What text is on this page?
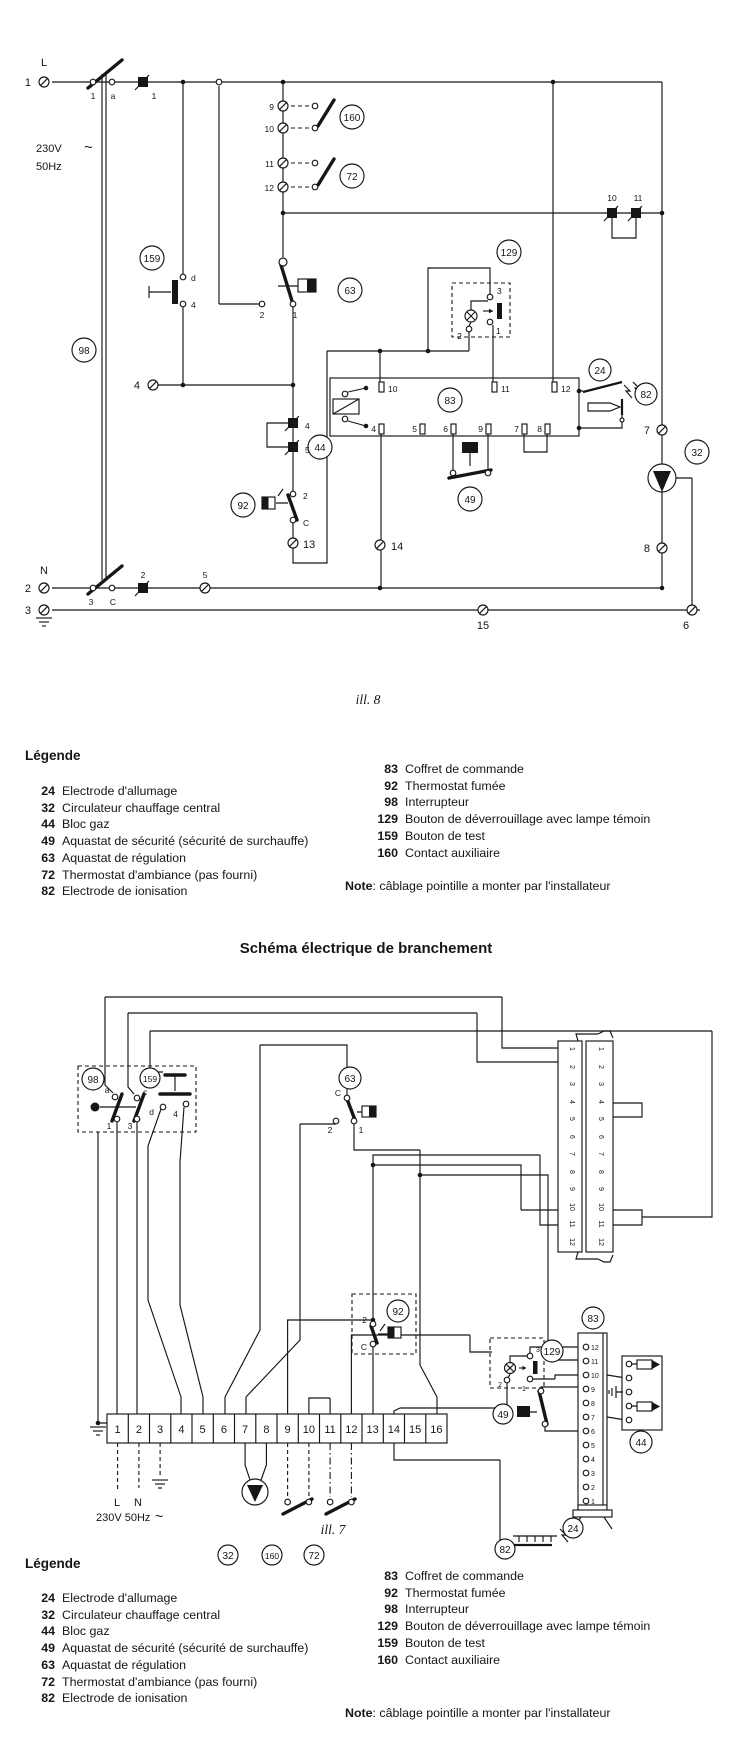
L
1
1 a	1
230V ~
50Hz
9
10
11
12
160
72
10 11
98
159
d
4
63
2	1
129
3
2	1
4	10	11	12
4	5	6	9	7 8
83
44
4
5
92
2
C
13	14
49
24
82
7
32
8
N
2
3 C
2	5
3
15	6
98	159
a	c
1 3
d 4
63
C
2	1
92
2
C	129
3
2
1
49
83
44
32	160	72
24
82
1
2
3
4
5
6
7
8
9
10
11
12
1
2
3
4
5
6
7
8
9
10
11
12
12
11
10
9
8
7
6
5
4
3
2
1
1 2 3 4 5 6 7 8 9 10 11 12 13 14 15 16
L N
230V 50Hz ~
ill. 8
Légende
24 Electrode d'allumage
32 Circulateur chauffage central
44 Bloc gaz
49 Aquastat de sécurité (sécurité de surchauffe)
63 Aquastat de régulation
72 Thermostat d'ambiance (pas fourni)
82 Electrode de ionisation
83 Coffret de commande
92 Thermostat fumée
98 Interrupteur
129 Bouton de déverrouillage avec lampe témoin
159 Bouton de test
160 Contact auxiliaire
Note: câblage pointille a monter par l'installateur
Schéma électrique de branchement
ill. 7
Légende
24 Electrode d'allumage
32 Circulateur chauffage central
44 Bloc gaz
49 Aquastat de sécurité (sécurité de surchauffe)
63 Aquastat de régulation
72 Thermostat d'ambiance (pas fourni)
82 Electrode de ionisation
83 Coffret de commande
92 Thermostat fumée
98 Interrupteur
129 Bouton de déverrouillage avec lampe témoin
159 Bouton de test
160 Contact auxiliaire
Note: câblage pointille a monter par l'installateur
